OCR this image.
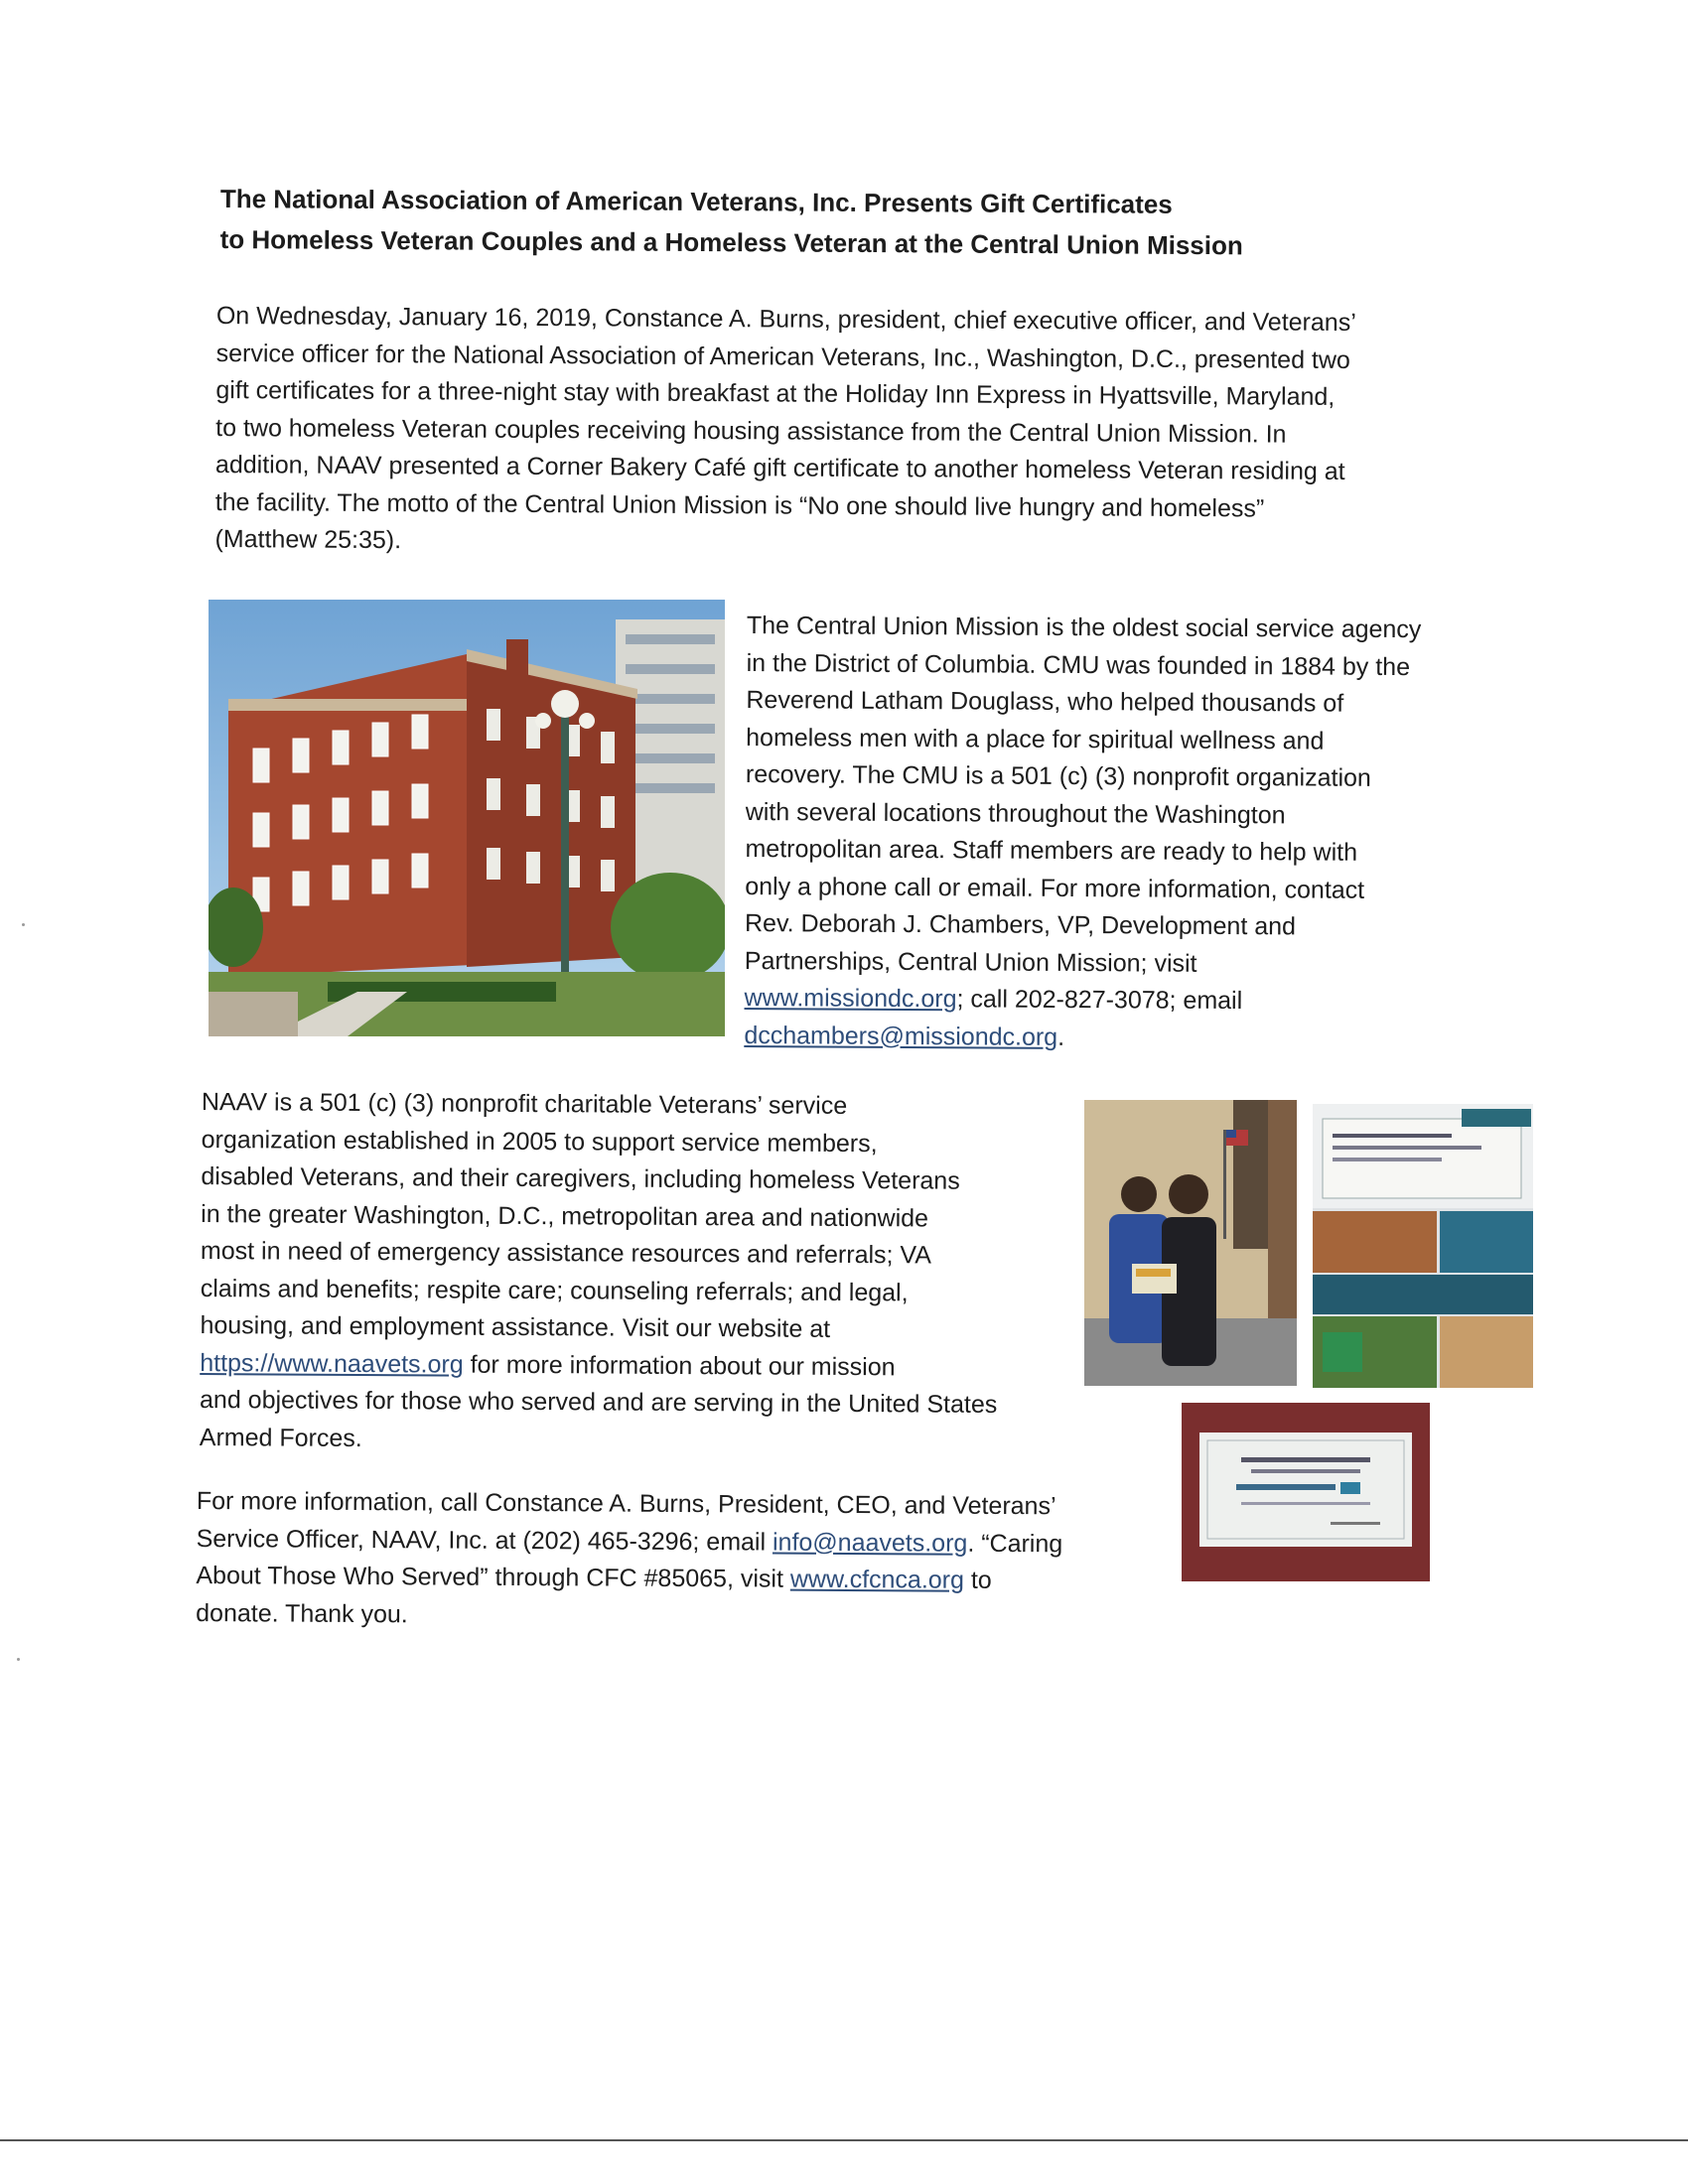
The National Association of American Veterans, Inc. Presents Gift Certificates
to Homeless Veteran Couples and a Homeless Veteran at the Central Union Mission

On Wednesday, January 16, 2019, Constance A. Burns, president, chief executive officer, and Veterans’
service officer for the National Association of American Veterans, Inc., Washington, D.C., presented two
gift certificates for a three-night stay with breakfast at the Holiday Inn Express in Hyattsville, Maryland,
to two homeless Veteran couples receiving housing assistance from the Central Union Mission. In
addition, NAAV presented a Corner Bakery Café gift certificate to another homeless Veteran residing at
the facility. The motto of the Central Union Mission is “No one should live hungry and homeless”
(Matthew 25:35).

The Central Union Mission is the oldest social service agency
in the District of Columbia. CMU was founded in 1884 by the
Reverend Latham Douglass, who helped thousands of
homeless men with a place for spiritual wellness and
recovery. The CMU is a 501 (c) (3) nonprofit organization
with several locations throughout the Washington
metropolitan area. Staff members are ready to help with
only a phone call or email. For more information, contact
Rev. Deborah J. Chambers, VP, Development and
Partnerships, Central Union Mission; visit
www.missiondc.org; call 202-827-3078; email
dcchambers@missiondc.org.

NAAV is a 501 (c) (3) nonprofit charitable Veterans’ service
organization established in 2005 to support service members,
disabled Veterans, and their caregivers, including homeless Veterans
in the greater Washington, D.C., metropolitan area and nationwide
most in need of emergency assistance resources and referrals; VA
claims and benefits; respite care; counseling referrals; and legal,
housing, and employment assistance. Visit our website at
https://www.naavets.org for more information about our mission
and objectives for those who served and are serving in the United States
Armed Forces.

For more information, call Constance A. Burns, President, CEO, and Veterans’
Service Officer, NAAV, Inc. at (202) 465-3296; email info@naavets.org. “Caring
About Those Who Served” through CFC #85065, visit www.cfcnca.org to
donate. Thank you.
